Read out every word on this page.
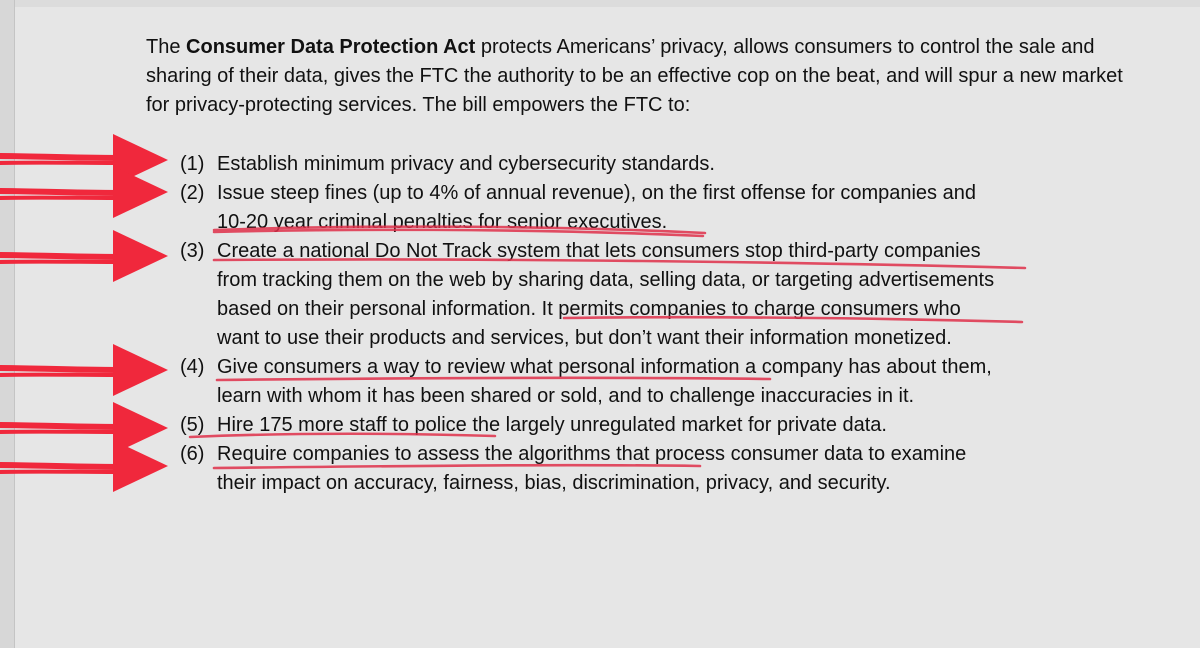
The Consumer Data Protection Act protects Americans’ privacy, allows consumers to control the sale and sharing of their data, gives the FTC the authority to be an effective cop on the beat, and will spur a new market for privacy-protecting services. The bill empowers the FTC to:

(1) Establish minimum privacy and cybersecurity standards.
(2) Issue steep fines (up to 4% of annual revenue), on the first offense for companies and
10-20 year criminal penalties for senior executives.
(3) Create a national Do Not Track system that lets consumers stop third-party companies
from tracking them on the web by sharing data, selling data, or targeting advertisements
based on their personal information. It permits companies to charge consumers who
want to use their products and services, but don’t want their information monetized.
(4) Give consumers a way to review what personal information a company has about them,
learn with whom it has been shared or sold, and to challenge inaccuracies in it.
(5) Hire 175 more staff to police the largely unregulated market for private data.
(6) Require companies to assess the algorithms that process consumer data to examine
their impact on accuracy, fairness, bias, discrimination, privacy, and security.
